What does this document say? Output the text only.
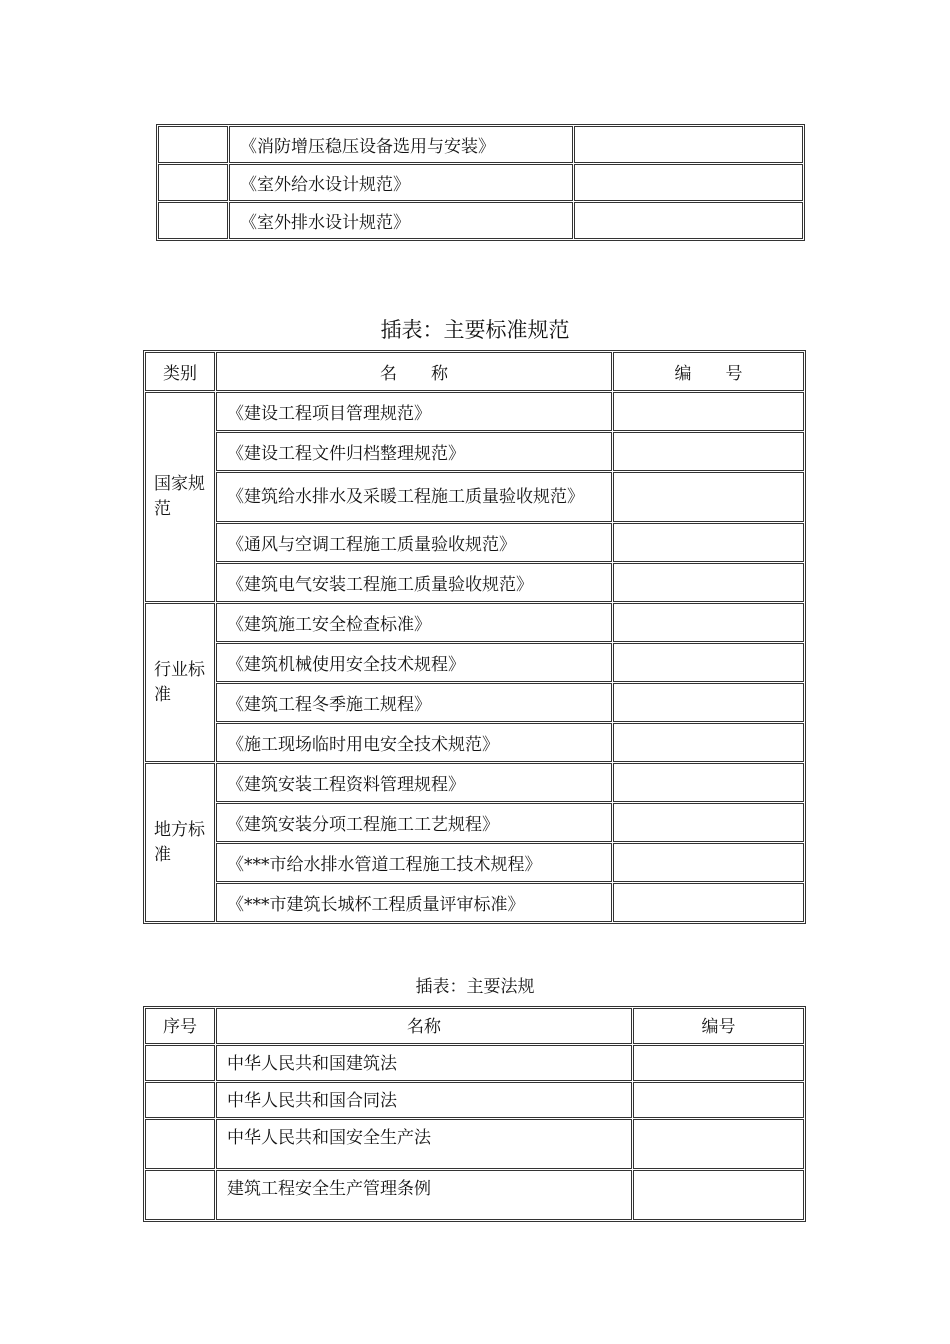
	《消防增压稳压设备选用与安装》	
	《室外给水设计规范》	
	《室外排水设计规范》	
插表：主要标准规范
类别	名　　称	编　　号
国家规范	《建设工程项目管理规范》	
	《建设工程文件归档整理规范》	
	《建筑给水排水及采暖工程施工质量验收规范》	
	《通风与空调工程施工质量验收规范》	
	《建筑电气安装工程施工质量验收规范》	
行业标准	《建筑施工安全检查标准》	
	《建筑机械使用安全技术规程》	
	《建筑工程冬季施工规程》	
	《施工现场临时用电安全技术规范》	
地方标准	《建筑安装工程资料管理规程》	
	《建筑安装分项工程施工工艺规程》	
	《***市给水排水管道工程施工技术规程》	
	《***市建筑长城杯工程质量评审标准》	
插表：主要法规
序号	名称	编号
	中华人民共和国建筑法	
	中华人民共和国合同法	
	中华人民共和国安全生产法	
	建筑工程安全生产管理条例	
